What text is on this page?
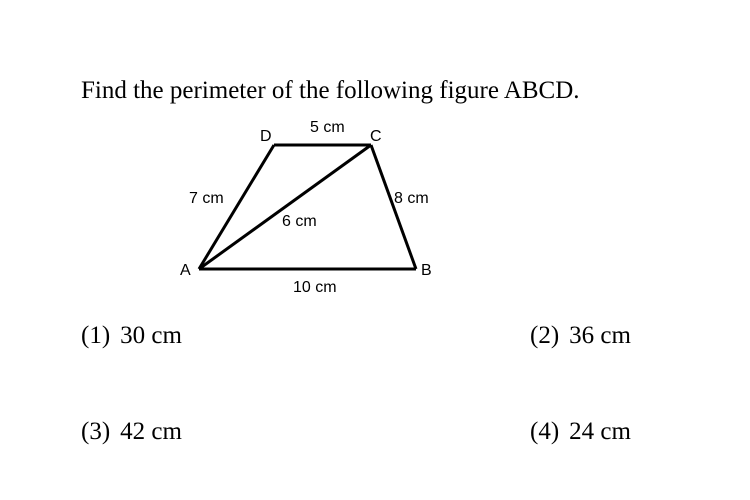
Find the perimeter of the following figure ABCD.
A	B
C
D
5 cm
7 cm	8 cm
6 cm
10 cm
(1) 30 cm	(2) 36 cm
(3) 42 cm	(4) 24 cm
